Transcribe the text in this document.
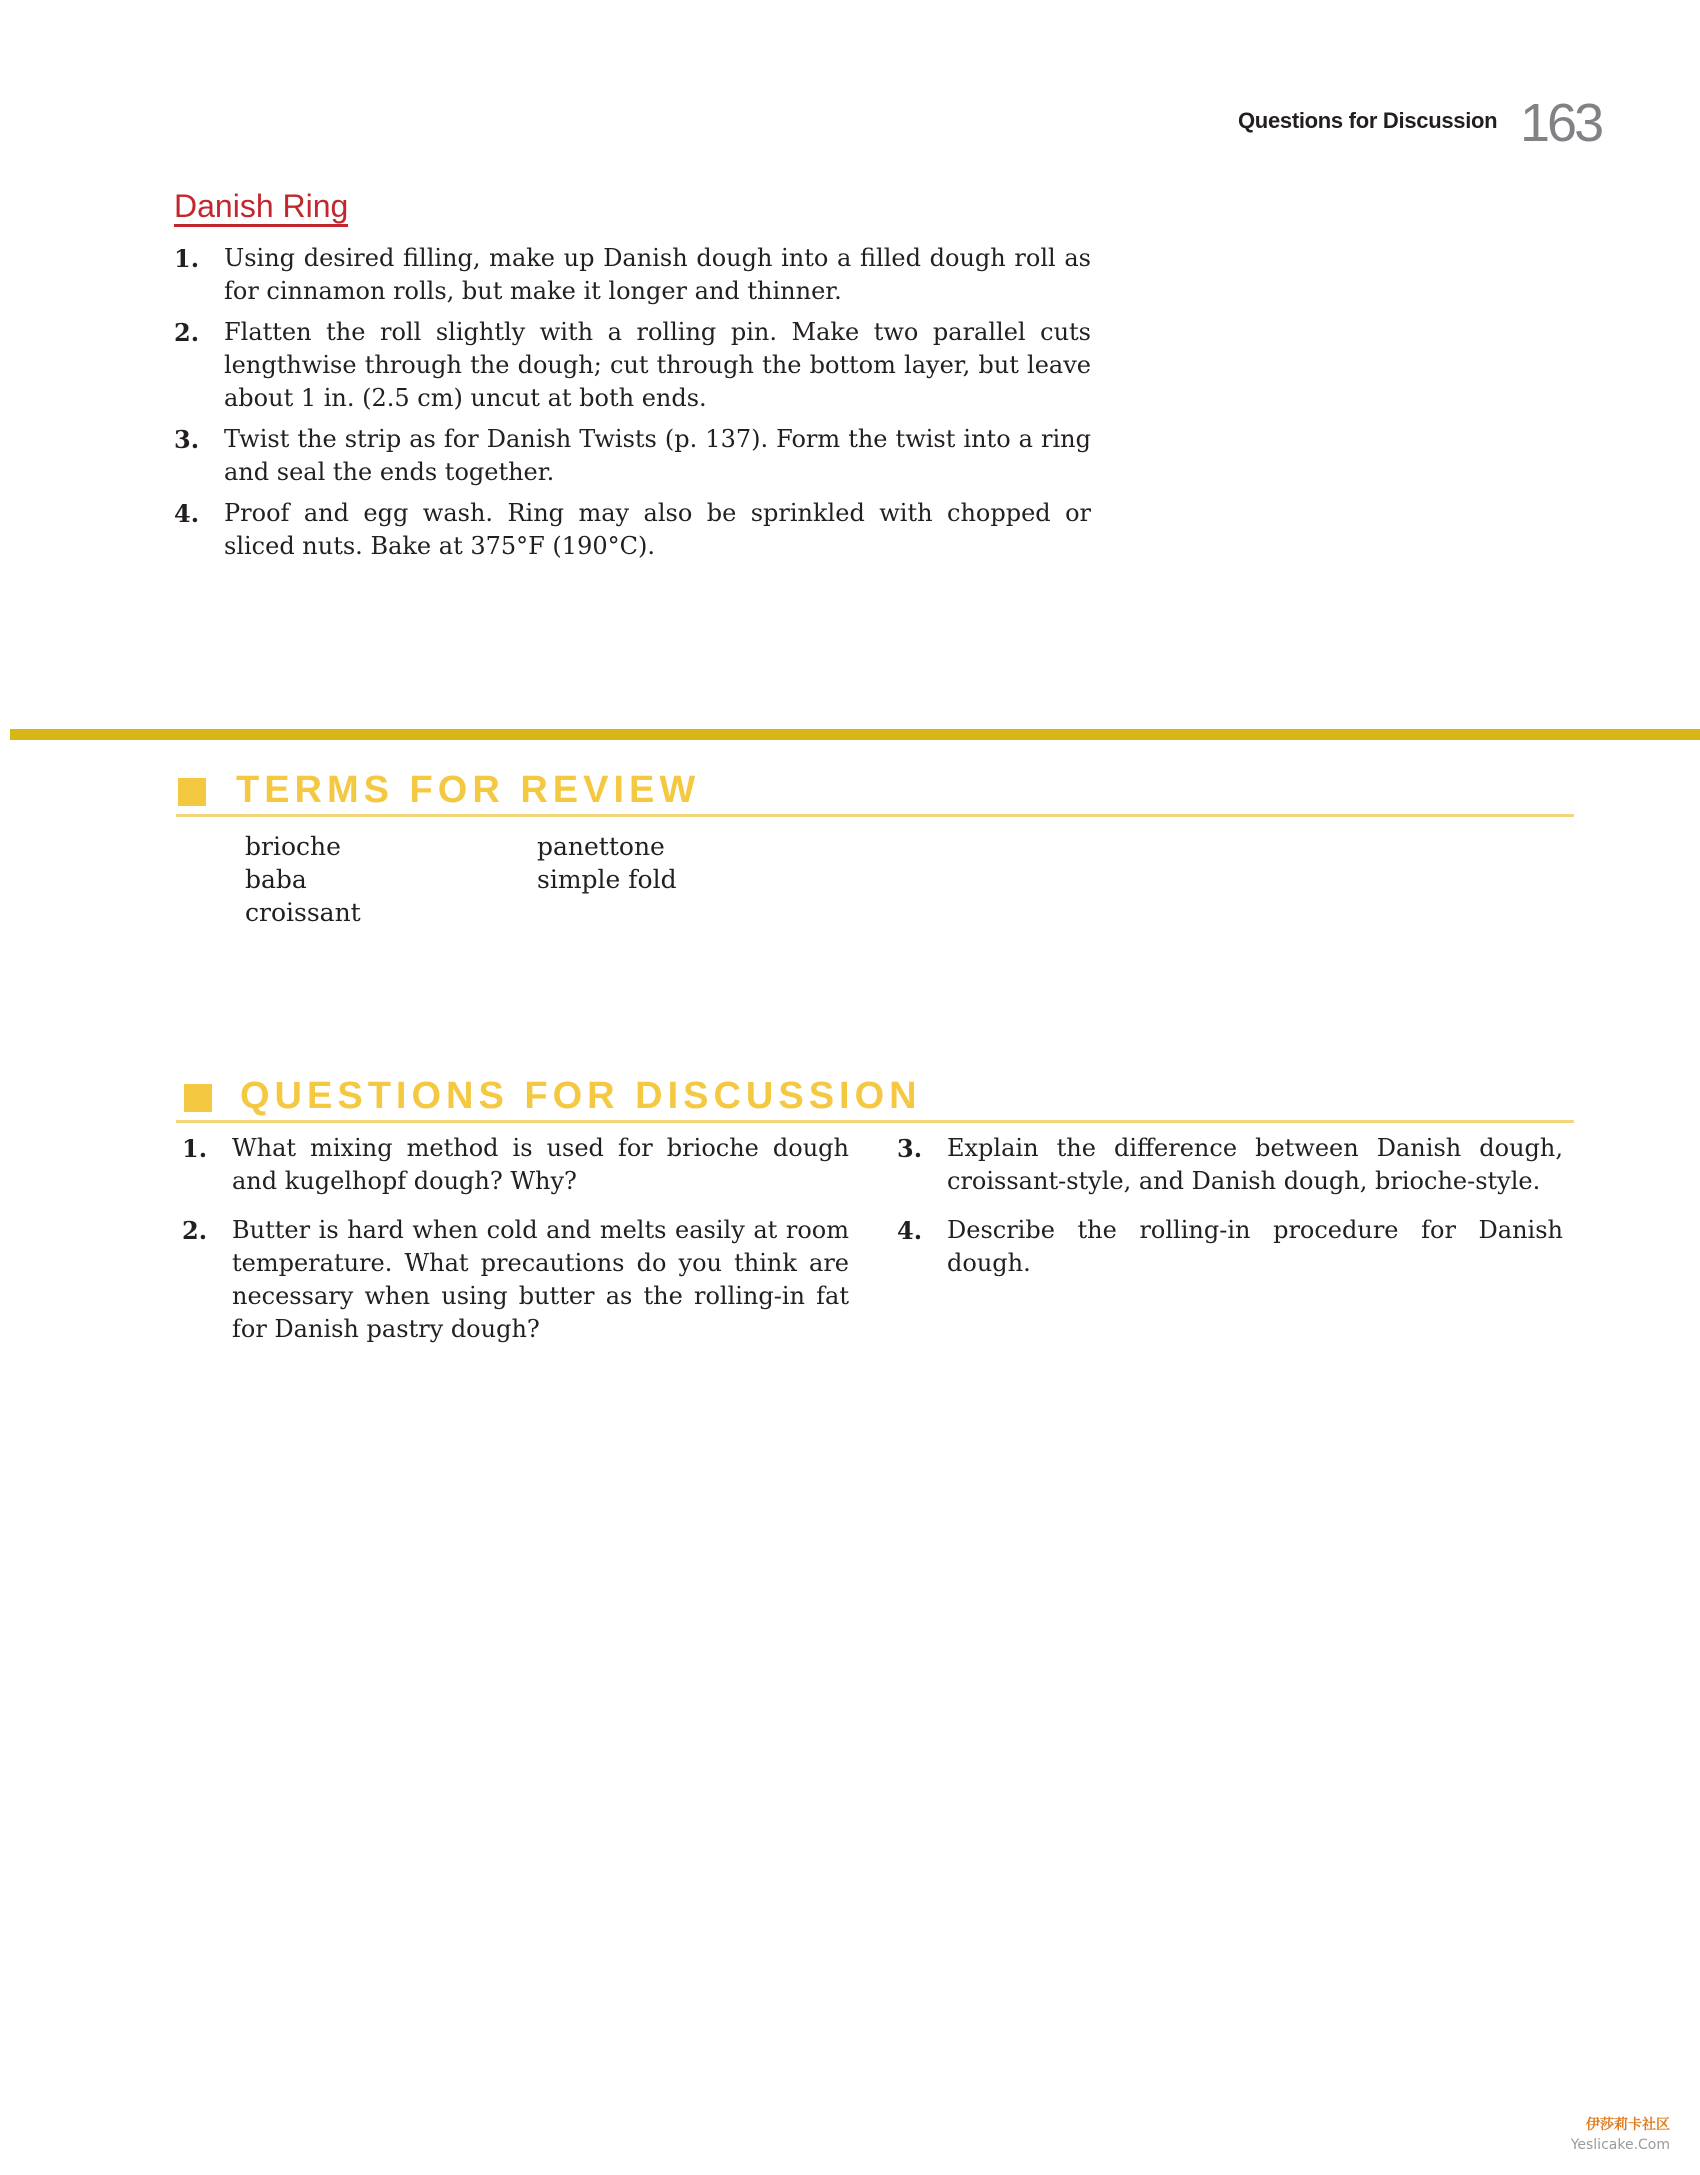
Questions for Discussion 163
Danish Ring
1.	Using desired filling, make up Danish dough into a filled dough roll as for cinnamon rolls, but make it longer and thinner.
2.	Flatten the roll slightly with a rolling pin. Make two parallel cuts lengthwise through the dough; cut through the bottom layer, but leave about 1 in. (2.5 cm) uncut at both ends.
3.	Twist the strip as for Danish Twists (p. 137). Form the twist into a ring and seal the ends together.
4.	Proof and egg wash. Ring may also be sprinkled with chopped or sliced nuts. Bake at 375°F (190°C).
TERMS FOR REVIEW
brioche
baba
croissant
panettone
simple fold
QUESTIONS FOR DISCUSSION
1.	What mixing method is used for brioche dough and kugelhopf dough? Why?
2.	Butter is hard when cold and melts easily at room temperature. What precautions do you think are necessary when using butter as the rolling-in fat for Danish pastry dough?
3.	Explain the difference between Danish dough, croissant-style, and Danish dough, brioche-style.
4.	Describe the rolling-in procedure for Danish dough.
伊莎莉卡社区
Yeslicake.Com
